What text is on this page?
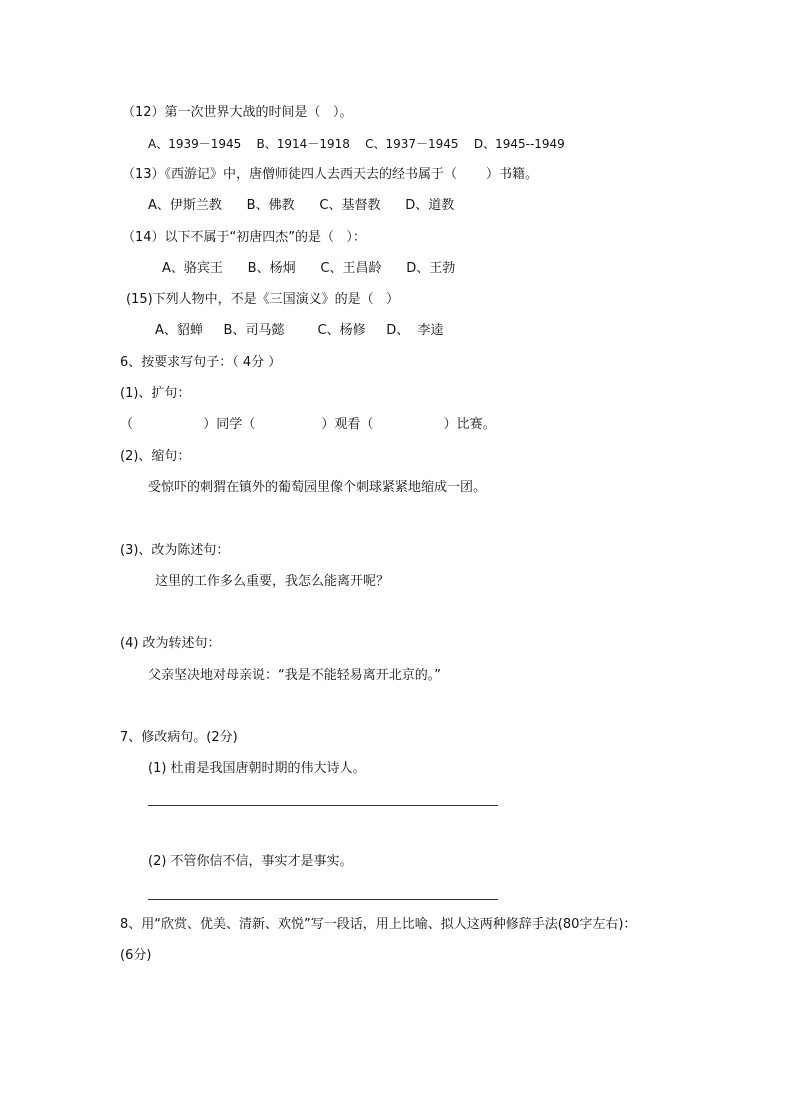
（12）第一次世界大战的时间是（   ）。
A、1939－1945    B、1914－1918    C、1937－1945    D、1945--1949
（13）《西游记》中，唐僧师徒四人去西天去的经书属于（       ）书籍。
A、伊斯兰教      B、佛教      C、基督教      D、道教
（14）以下不属于“初唐四杰”的是（   ）：
A、骆宾王      B、杨炯      C、王昌龄      D、王勃
(15)下列人物中，不是《三国演义》的是（   ）
A、貂蝉     B、司马懿        C、杨修     D、  李逵
6、按要求写句子：（ 4分 ）
(1)、扩句：
（                 ）同学（                ）观看（                 ）比赛。
(2)、缩句：
受惊吓的刺猬在镇外的葡萄园里像个刺球紧紧地缩成一团。
(3)、改为陈述句：
这里的工作多么重要，我怎么能离开呢？
(4) 改为转述句：
父亲坚决地对母亲说：“我是不能轻易离开北京的。”
7、修改病句。(2分)
(1) 杜甫是我国唐朝时期的伟大诗人。
(2) 不管你信不信，事实才是事实。
8、用“欣赏、优美、清新、欢悦”写一段话，用上比喻、拟人这两种修辞手法(80字左右)：
(6分)
